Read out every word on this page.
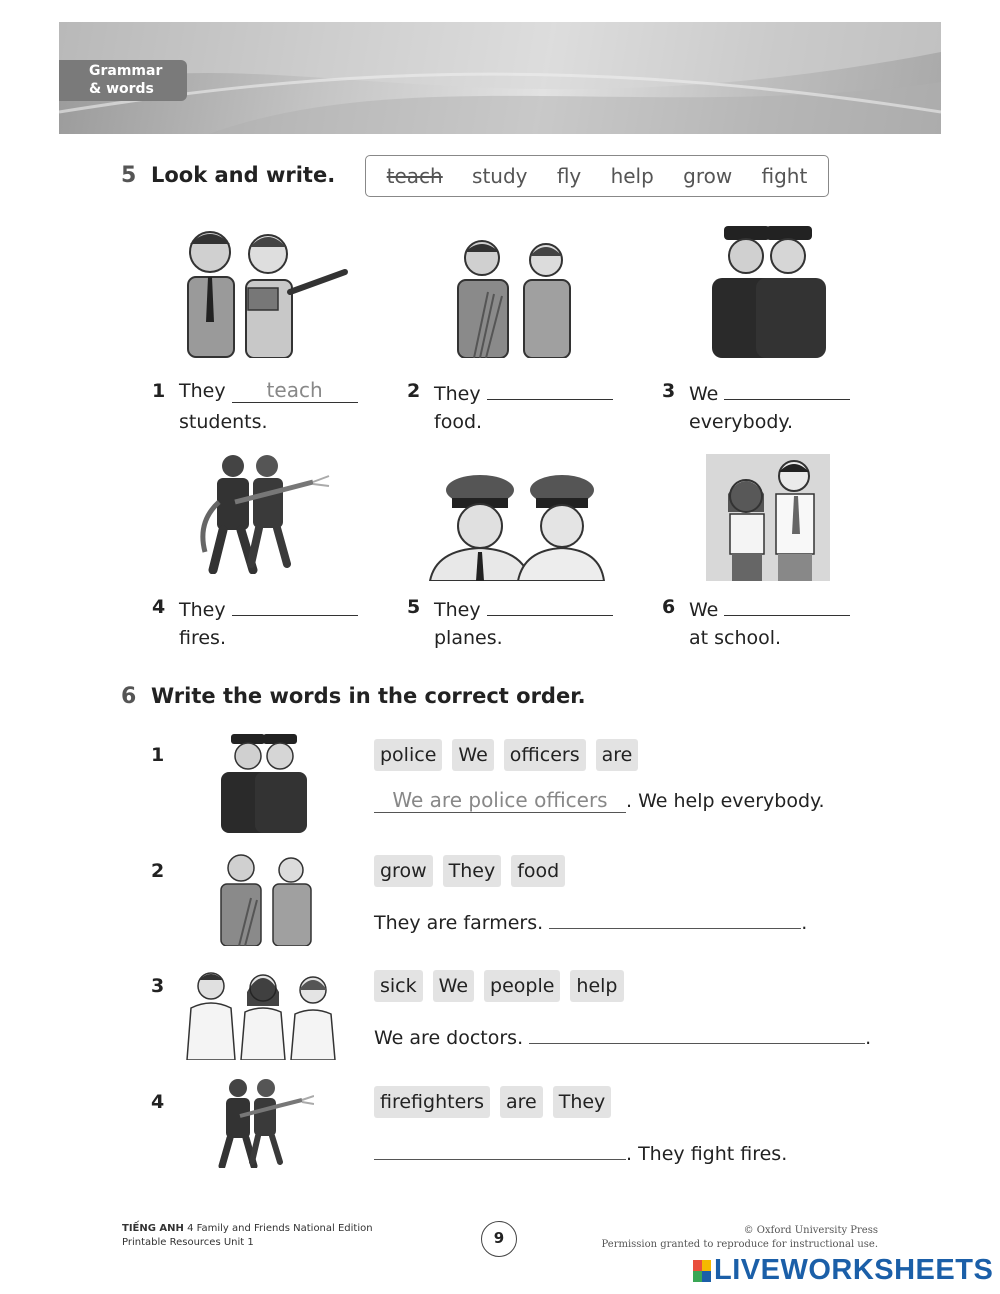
Grammar
& words
5 Look and write.	teach study fly help grow fight
1 They teach
students.
2 They
food.
3 We
everybody.
4 They
fires.
5 They
planes.
6 We
at school.
6 Write the words in the correct order.
1	police	We	officers	are
We are police officers . We help everybody.
2	grow	They	food
They are farmers.	.
3	sick	We	people	help
We are doctors.	.
4	firefighters	are	They
. They fight fires.
TIẾNG ANH 4 Family and Friends National Edition
Printable Resources Unit 1	9	© Oxford University Press
Permission granted to reproduce for instructional use.
LIVEWORKSHEETS
